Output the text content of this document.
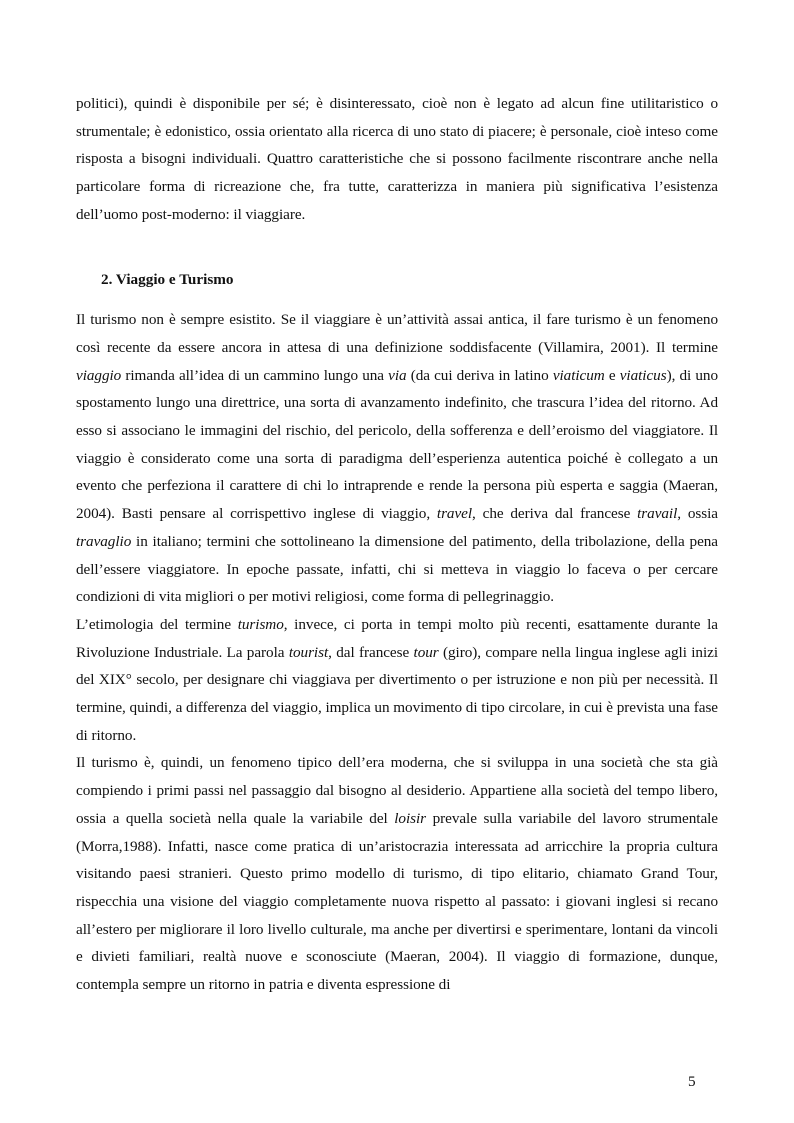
politici), quindi è disponibile per sé; è disinteressato, cioè non è legato ad alcun fine utilitaristico o strumentale; è edonistico, ossia orientato alla ricerca di uno stato di piacere; è personale, cioè inteso come risposta a bisogni individuali. Quattro caratteristiche che si possono facilmente riscontrare anche nella particolare forma di ricreazione che, fra tutte, caratterizza in maniera più significativa l’esistenza dell’uomo post-moderno: il viaggiare.

2. Viaggio e Turismo

Il turismo non è sempre esistito. Se il viaggiare è un’attività assai antica, il fare turismo è un fenomeno così recente da essere ancora in attesa di una definizione soddisfacente (Villamira, 2001). Il termine viaggio rimanda all’idea di un cammino lungo una via (da cui deriva in latino viaticum e viaticus), di uno spostamento lungo una direttrice, una sorta di avanzamento indefinito, che trascura l’idea del ritorno. Ad esso si associano le immagini del rischio, del pericolo, della sofferenza e dell’eroismo del viaggiatore. Il viaggio è considerato come una sorta di paradigma dell’esperienza autentica poiché è collegato a un evento che perfeziona il carattere di chi lo intraprende e rende la persona più esperta e saggia (Maeran, 2004). Basti pensare al corrispettivo inglese di viaggio, travel, che deriva dal francese travail, ossia travaglio in italiano; termini che sottolineano la dimensione del patimento, della tribolazione, della pena dell’essere viaggiatore. In epoche passate, infatti, chi si metteva in viaggio lo faceva o per cercare condizioni di vita migliori o per motivi religiosi, come forma di pellegrinaggio.

L’etimologia del termine turismo, invece, ci porta in tempi molto più recenti, esattamente durante la Rivoluzione Industriale. La parola tourist, dal francese tour (giro), compare nella lingua inglese agli inizi del XIX° secolo, per designare chi viaggiava per divertimento o per istruzione e non più per necessità. Il termine, quindi, a differenza del viaggio, implica un movimento di tipo circolare, in cui è prevista una fase di ritorno.

Il turismo è, quindi, un fenomeno tipico dell’era moderna, che si sviluppa in una società che sta già compiendo i primi passi nel passaggio dal bisogno al desiderio. Appartiene alla società del tempo libero, ossia a quella società nella quale la variabile del loisir prevale sulla variabile del lavoro strumentale (Morra,1988). Infatti, nasce come pratica di un’aristocrazia interessata ad arricchire la propria cultura visitando paesi stranieri. Questo primo modello di turismo, di tipo elitario, chiamato Grand Tour, rispecchia una visione del viaggio completamente nuova rispetto al passato: i giovani inglesi si recano all’estero per migliorare il loro livello culturale, ma anche per divertirsi e sperimentare, lontani da vincoli e divieti familiari, realtà nuove e sconosciute (Maeran, 2004). Il viaggio di formazione, dunque, contempla sempre un ritorno in patria e diventa espressione di

5
